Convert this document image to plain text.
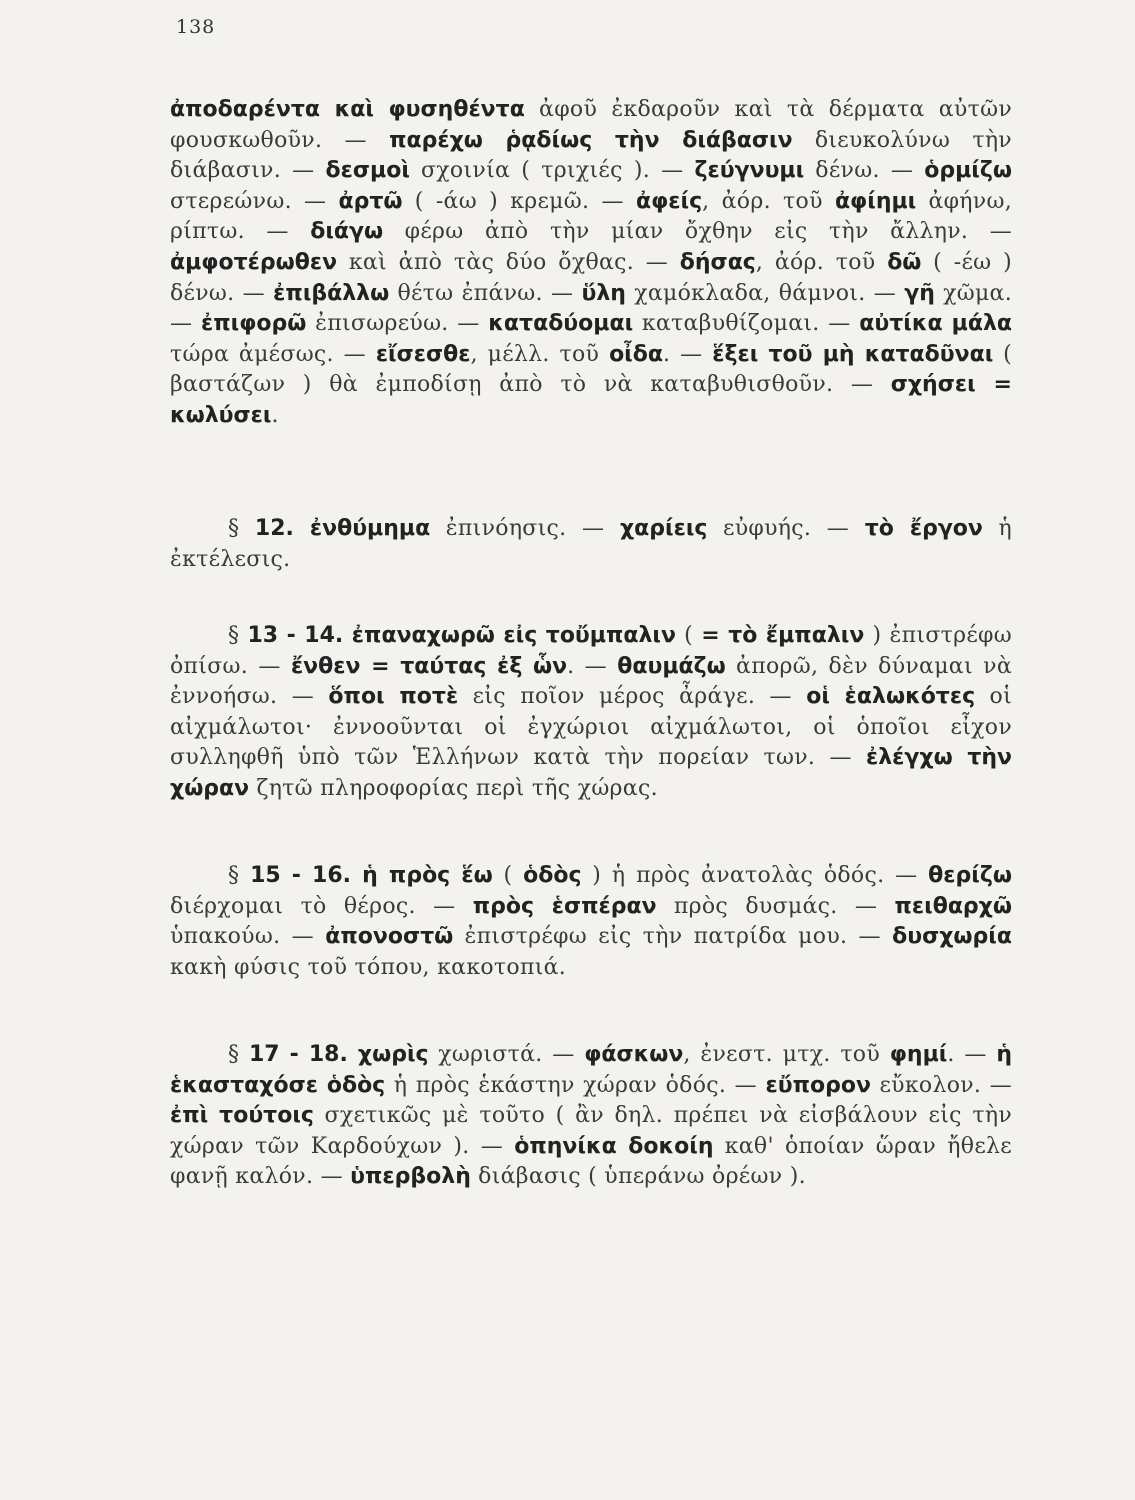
138
ἀποδαρέντα καὶ φυσηθέντα ἀφοῦ ἐκδαροῦν καὶ τὰ δέρματα αὐτῶν φουσκωθοῦν. — παρέχω ῥᾳδίως τὴν διάβασιν διευκολύνω τὴν διάβασιν. — δεσμοὶ σχοινία ( τριχιές ). — ζεύγνυμι δένω. — ὁρμίζω στερεώνω. — ἀρτῶ ( -άω ) κρεμῶ. — ἀφείς, ἀόρ. τοῦ ἀφίημι ἀφήνω, ρίπτω. — διάγω φέρω ἀπὸ τὴν μίαν ὄχθην εἰς τὴν ἄλλην. — ἀμφοτέρωθεν καὶ ἀπὸ τὰς δύο ὄχθας. — δήσας, ἀόρ. τοῦ δῶ ( -έω ) δένω. — ἐπιβάλλω θέτω ἐπάνω. — ὕλη χαμόκλαδα, θάμνοι. — γῆ χῶμα. — ἐπιφορῶ ἐπισωρεύω. — καταδύομαι καταβυθίζομαι. — αὐτίκα μάλα τώρα ἀμέσως. — εἴσεσθε, μέλλ. τοῦ οἶδα. — ἕξει τοῦ μὴ καταδῦναι ( βαστάζων ) θὰ ἐμποδίσῃ ἀπὸ τὸ νὰ καταβυθισθοῦν. — σχήσει = κωλύσει.
§ 12. ἐνθύμημα ἐπινόησις. — χαρίεις εὐφυής. — τὸ ἔργον ἡ ἐκτέλεσις.
§ 13 - 14. ἐπαναχωρῶ εἰς τοὔμπαλιν ( = τὸ ἔμπαλιν ) ἐπιστρέφω ὀπίσω. — ἔνθεν = ταύτας ἐξ ὧν. — θαυμάζω ἀπορῶ, δὲν δύναμαι νὰ ἐννοήσω. — ὅποι ποτὲ εἰς ποῖον μέρος ἆράγε. — οἱ ἑαλωκότες οἱ αἰχμάλωτοι· ἐννοοῦνται οἱ ἐγχώριοι αἰχμάλωτοι, οἱ ὁποῖοι εἶχον συλληφθῆ ὑπὸ τῶν Ἑλλήνων κατὰ τὴν πορείαν των. — ἐλέγχω τὴν χώραν ζητῶ πληροφορίας περὶ τῆς χώρας.
§ 15 - 16. ἡ πρὸς ἕω ( ὁδὸς ) ἡ πρὸς ἀνατολὰς ὁδός. — θερίζω διέρχομαι τὸ θέρος. — πρὸς ἑσπέραν πρὸς δυσμάς. — πειθαρχῶ ὑπακούω. — ἀπονοστῶ ἐπιστρέφω εἰς τὴν πατρίδα μου. — δυσχωρία κακὴ φύσις τοῦ τόπου, κακοτοπιά.
§ 17 - 18. χωρὶς χωριστά. — φάσκων, ἐνεστ. μτχ. τοῦ φημί. — ἡ ἑκασταχόσε ὁδὸς ἡ πρὸς ἑκάστην χώραν ὁδός. — εὔπορον εὔκολον. — ἐπὶ τούτοις σχετικῶς μὲ τοῦτο ( ἂν δηλ. πρέπει νὰ εἰσβάλουν εἰς τὴν χώραν τῶν Καρδούχων ). — ὁπηνίκα δοκοίη καθ' ὁποίαν ὥραν ἤθελε φανῇ καλόν. — ὑπερβολὴ διάβασις ( ὑπεράνω ὀρέων ).
